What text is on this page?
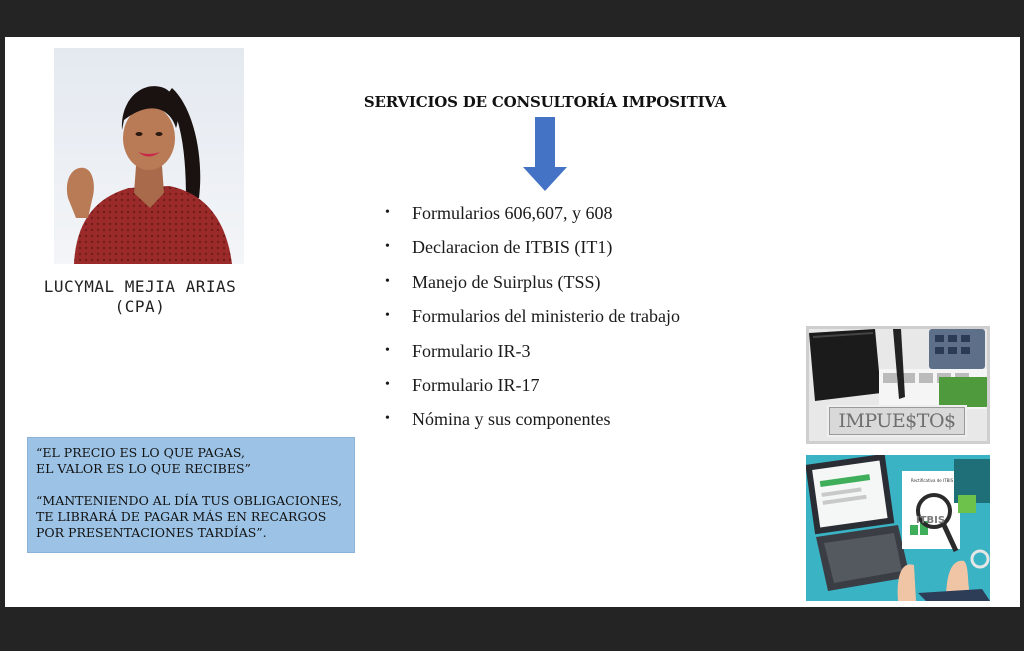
LUCYMAL MEJIA ARIAS
(CPA)

“EL PRECIO ES LO QUE PAGAS,
EL VALOR ES LO QUE RECIBES”

“MANTENIENDO AL DÍA TUS OBLIGACIONES,
TE LIBRARÁ DE PAGAR MÁS EN RECARGOS
POR PRESENTACIONES TARDÍAS”.

SERVICIOS DE CONSULTORÍA IMPOSITIVA
•	Formularios 606,607, y 608
•	Declaracion de ITBIS (IT1)
•	Manejo de Suirplus (TSS)
•	Formularios del ministerio de trabajo
•	Formulario IR-3
•	Formulario IR-17
•	Nómina y sus componentes	IMPUE$TO$
Rectificativa de ITBIS
ITBIS
